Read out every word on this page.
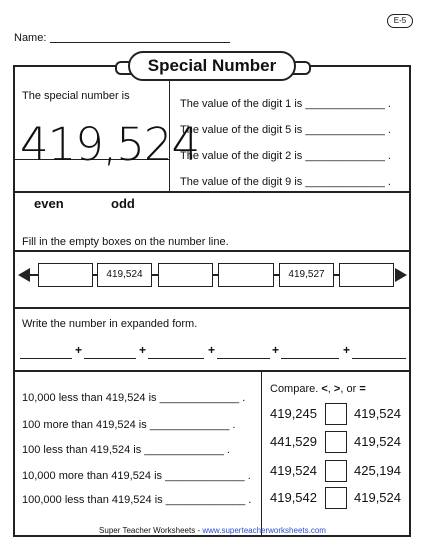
E-5
Name:
Special Number
The special number is
419,524
even	odd
The value of the digit 1 is _____________ .
The value of the digit 5 is _____________ .
The value of the digit 2 is _____________ .
The value of the digit 9 is _____________ .
Fill in the empty boxes on the number line.
419,524	419,527
Write the number in expanded form.
+	+	+	+	+
10,000 less than 419,524 is _____________ .
100 more than 419,524 is _____________ .
100 less than 419,524 is _____________ .
10,000 more than 419,524 is _____________ .
100,000 less than 419,524 is _____________ .
Compare. <, >, or =
419,245	419,524
441,529	419,524
419,524	425,194
419,542	419,524
Super Teacher Worksheets - www.superteacherworksheets.com
